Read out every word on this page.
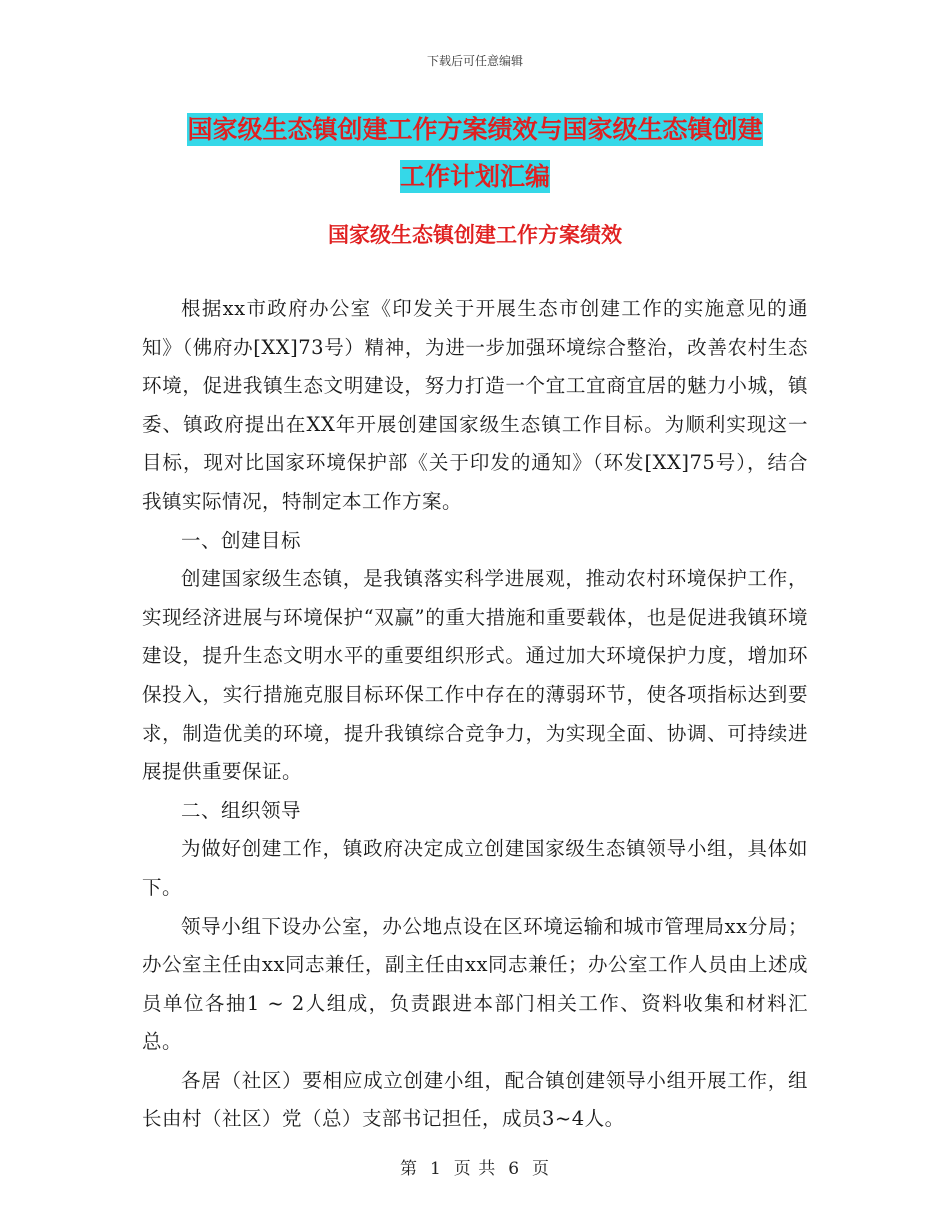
下载后可任意编辑
国家级生态镇创建工作方案绩效与国家级生态镇创建
工作计划汇编
国家级生态镇创建工作方案绩效

根据xx市政府办公室《印发关于开展生态市创建工作的实施意见的通知》（佛府办[XX]73号）精神，为进一步加强环境综合整治，改善农村生态环境，促进我镇生态文明建设，努力打造一个宜工宜商宜居的魅力小城，镇委、镇政府提出在XX年开展创建国家级生态镇工作目标。为顺利实现这一目标，现对比国家环境保护部《关于印发的通知》（环发[XX]75号），结合我镇实际情况，特制定本工作方案。

一、创建目标

创建国家级生态镇，是我镇落实科学进展观，推动农村环境保护工作，实现经济进展与环境保护“双赢”的重大措施和重要载体，也是促进我镇环境建设，提升生态文明水平的重要组织形式。通过加大环境保护力度，增加环保投入，实行措施克服目标环保工作中存在的薄弱环节，使各项指标达到要求，制造优美的环境，提升我镇综合竞争力，为实现全面、协调、可持续进展提供重要保证。

二、组织领导

为做好创建工作，镇政府决定成立创建国家级生态镇领导小组，具体如下。

领导小组下设办公室，办公地点设在区环境运输和城市管理局xx分局；办公室主任由xx同志兼任，副主任由xx同志兼任；办公室工作人员由上述成员单位各抽1 ~ 2人组成，负责跟进本部门相关工作、资料收集和材料汇总。

各居（社区）要相应成立创建小组，配合镇创建领导小组开展工作，组长由村（社区）党（总）支部书记担任，成员3~4人。

第 1 页 共 6 页
